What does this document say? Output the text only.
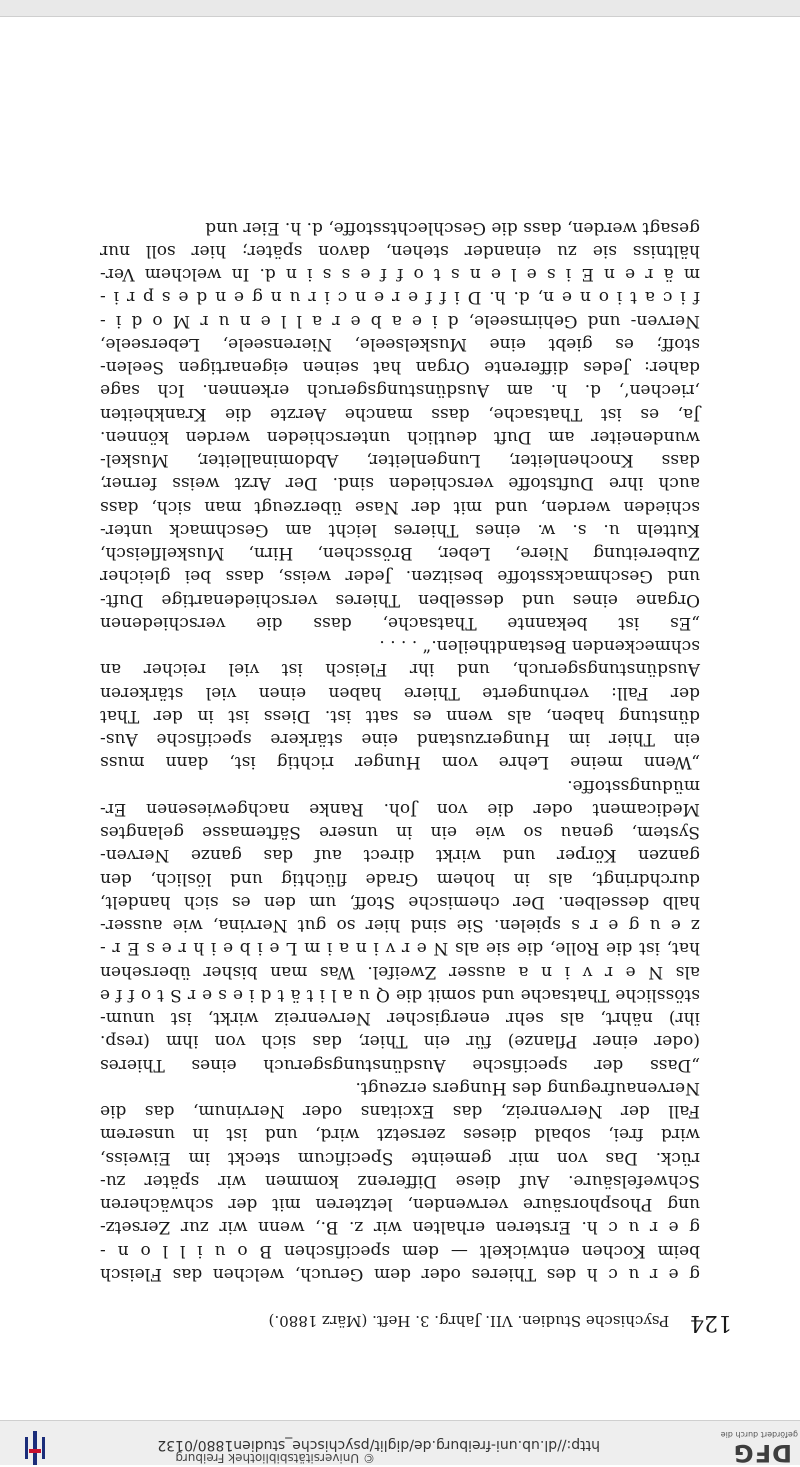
DFG
gefördert durch die
http://dl.ub.uni-freiburg.de/diglit/psychische_studien1880/0132
© Universitätsbibliothek Freiburg
124 Psychische Studien. VII. Jahrg. 3. Heft. (März 1880.)
g e r u c h des Thieres oder dem Geruch, welchen das Fleisch
beim Kochen entwickelt — dem specifischen B o u i l l o n -
g e r u c h. Ersteren erhalten wir z. B., wenn wir zur Zersetz-
ung Phosphorsäure verwenden, letzteren mit der schwächeren
Schwefelsäure. Auf diese Differenz kommen wir später zu-
rück. Das von mir gemeinte Specificum steckt im Eiweiss,
wird frei, sobald dieses zersetzt wird, und ist in unserem
Fall der Nervenreiz, das Excitans oder Nervinum, das die
Nervenaufregung des Hungers erzeugt.
„Dass der specifische Ausdünstungsgeruch eines Thieres
(oder einer Pflanze) für ein Thier, das sich von ihm (resp.
ihr) nährt, als sehr energischer Nervenreiz wirkt, ist unum-
stössliche Thatsache und somit die Q u a l i t ä t d i e s e r S t o f f e
als N e r v i n a ausser Zweifel. Was man bisher übersehen
hat, ist die Rolle, die sie als N e r v i n a i m L e i b e i h r e s E r -
z e u g e r s spielen. Sie sind hier so gut Nervina, wie ausser-
halb desselben. Der chemische Stoff, um den es sich handelt,
durchdringt, als in hohem Grade flüchtig und löslich, den
ganzen Körper und wirkt direct auf das ganze Nerven-
System, genau so wie ein in unsere Säftemasse gelangtes
Medicament oder die von Joh. Ranke nachgewiesenen Er-
müdungsstoffe.
„Wenn meine Lehre vom Hunger richtig ist, dann muss
ein Thier im Hungerzustand eine stärkere specifische Aus-
dünstung haben, als wenn es satt ist. Diess ist in der That
der Fall: verhungerte Thiere haben einen viel stärkeren
Ausdünstungsgeruch, und ihr Fleisch ist viel reicher an
schmeckenden Bestandtheilen.“ . . . .
„Es ist bekannte Thatsache, dass die verschiedenen
Organe eines und desselben Thieres verschiedenartige Duft-
und Geschmacksstoffe besitzen. Jeder weiss, dass bei gleicher
Zubereitung Niere, Leber, Brösschen, Hirn, Muskelfleisch,
Kutteln u. s. w. eines Thieres leicht am Geschmack unter-
schieden werden, und mit der Nase überzeugt man sich, dass
auch ihre Duftstoffe verschieden sind. Der Arzt weiss ferner,
dass Knochenleiter, Lungenleiter, Abdominalleiter, Muskel-
wundeneiter am Duft deutlich unterschieden werden können.
Ja, es ist Thatsache, dass manche Aerzte die Krankheiten
‚riechen‘, d. h. am Ausdünstungsgeruch erkennen. Ich sage
daher: Jedes differente Organ hat seinen eigenartigen Seelen-
stoff; es giebt eine Muskelseele, Nierenseele, Leberseele,
Nerven- und Gehirnseele, d i e a b e r a l l e n u r M o d i -
f i c a t i o n e n, d. h. D i f f e r e n c i r u n g e n d e s p r i -
m ä r e n E i s e l e n s t o f f e s s i n d. In welchem Ver-
hältniss sie zu einander stehen, davon später; hier soll nur
gesagt werden, dass die Geschlechtsstoffe, d. h. Eier und
